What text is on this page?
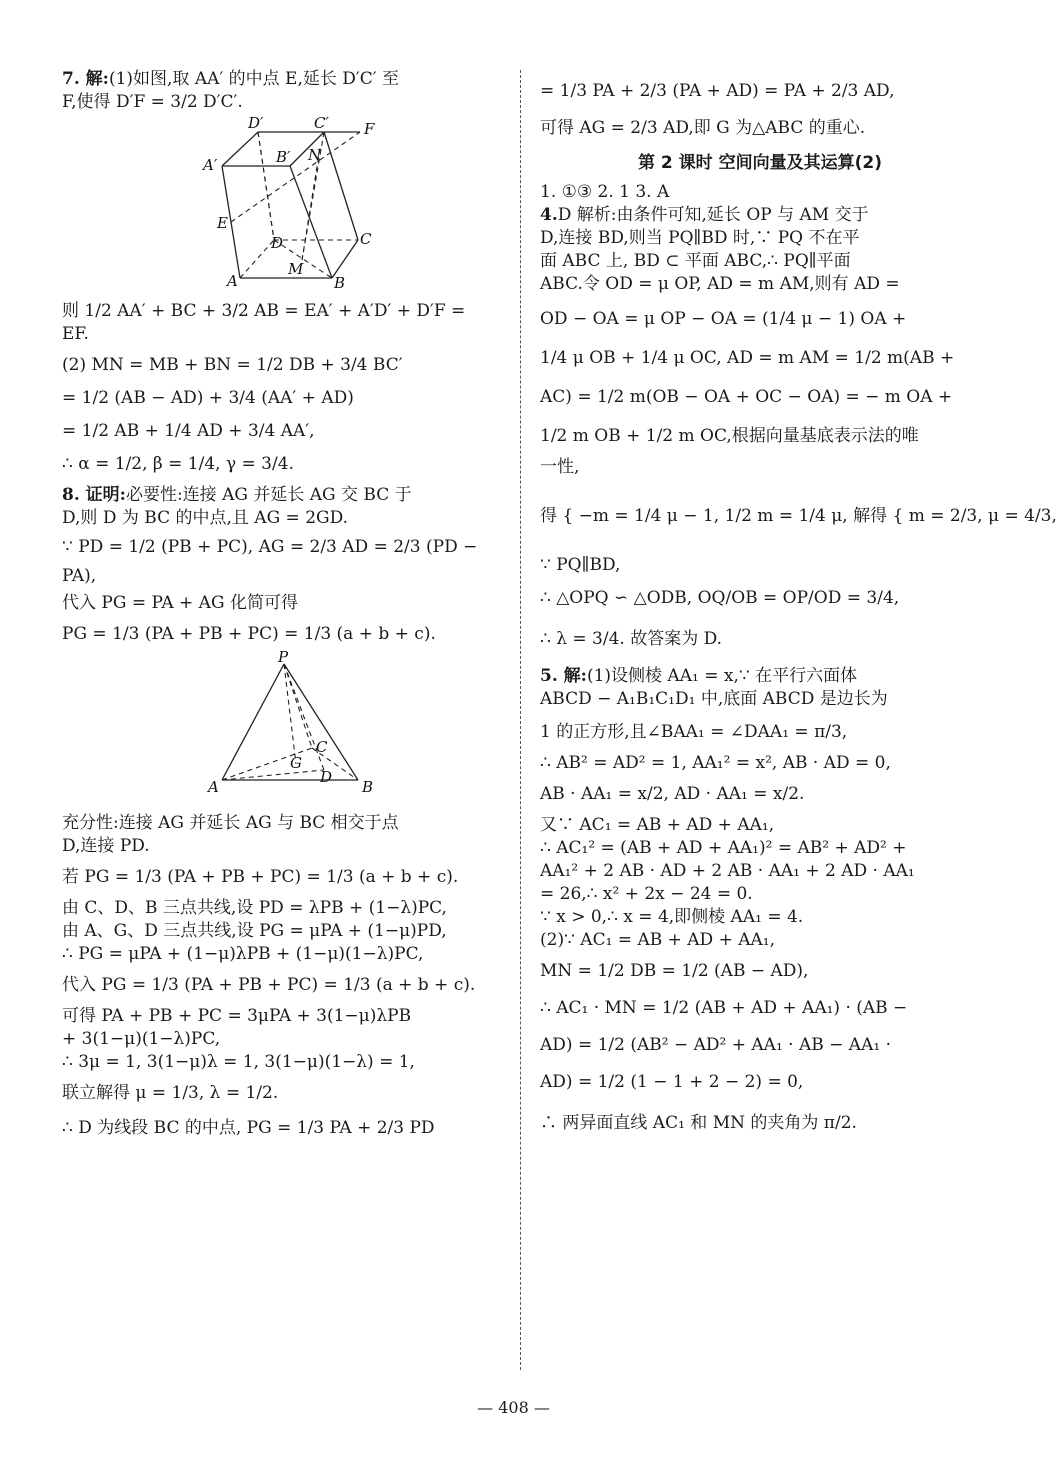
7. 解: (1)如图,取 AA′ 的中点 E,延长 D′C′ 至
F,使得 D′F = 3/2 D′C′.
D′	C′ F
A′	B′ N
E
D	C
M
A	B
则 1/2 AA′ + BC + 3/2 AB = EA′ + A′D′ + D′F =
EF.
(2) MN = MB + BN = 1/2 DB + 3/4 BC′
= 1/2 (AB − AD) + 3/4 (AA′ + AD)
= 1/2 AB + 1/4 AD + 3/4 AA′,
∴ α = 1/2, β = 1/4, γ = 3/4.
8. 证明: 必要性:连接 AG 并延长 AG 交 BC 于
D,则 D 为 BC 的中点,且 AG = 2GD.
∵ PD = 1/2 (PB + PC), AG = 2/3 AD = 2/3 (PD −
PA),
代入 PG = PA + AG 化简可得
PG = 1/3 (PA + PB + PC) = 1/3 (a + b + c).
P
C
G
D
A	B
充分性:连接 AG 并延长 AG 与 BC 相交于点
D,连接 PD.
若 PG = 1/3 (PA + PB + PC) = 1/3 (a + b + c).
由 C、D、B 三点共线,设 PD = λPB + (1−λ)PC,
由 A、G、D 三点共线,设 PG = μPA + (1−μ)PD,
∴ PG = μPA + (1−μ)λPB + (1−μ)(1−λ)PC,
代入 PG = 1/3 (PA + PB + PC) = 1/3 (a + b + c).
可得 PA + PB + PC = 3μPA + 3(1−μ)λPB
+ 3(1−μ)(1−λ)PC,
∴ 3μ = 1, 3(1−μ)λ = 1, 3(1−μ)(1−λ) = 1,
联立解得 μ = 1/3, λ = 1/2.
∴ D 为线段 BC 的中点, PG = 1/3 PA + 2/3 PD
= 1/3 PA + 2/3 (PA + AD) = PA + 2/3 AD,
可得 AG = 2/3 AD,即 G 为△ABC 的重心.
第 2 课时 空间向量及其运算(2)
1. ①③ 2. 1 3. A
4. D 解析:由条件可知,延长 OP 与 AM 交于
D,连接 BD,则当 PQ∥BD 时,∵ PQ 不在平
面 ABC 上, BD ⊂ 平面 ABC,∴ PQ∥平面
ABC.令 OD = μ OP, AD = m AM,则有 AD =
OD − OA = μ OP − OA = (1/4 μ − 1) OA +
1/4 μ OB + 1/4 μ OC, AD = m AM = 1/2 m(AB +
AC) = 1/2 m(OB − OA + OC − OA) = − m OA +
1/2 m OB + 1/2 m OC,根据向量基底表示法的唯
一性,
得 { −m = 1/4 μ − 1, 1/2 m = 1/4 μ, 解得 { m = 2/3, μ = 4/3,
∵ PQ∥BD,
∴ △OPQ ∽ △ODB, OQ/OB = OP/OD = 3/4,
∴ λ = 3/4. 故答案为 D.
5. 解: (1)设侧棱 AA₁ = x,∵ 在平行六面体
ABCD − A₁B₁C₁D₁ 中,底面 ABCD 是边长为
1 的正方形,且∠BAA₁ = ∠DAA₁ = π/3,
∴ AB² = AD² = 1, AA₁² = x², AB · AD = 0,
AB · AA₁ = x/2, AD · AA₁ = x/2.
又∵ AC₁ = AB + AD + AA₁,
∴ AC₁² = (AB + AD + AA₁)² = AB² + AD² +
AA₁² + 2 AB · AD + 2 AB · AA₁ + 2 AD · AA₁
= 26,∴ x² + 2x − 24 = 0.
∵ x > 0,∴ x = 4,即侧棱 AA₁ = 4.
(2)∵ AC₁ = AB + AD + AA₁,
MN = 1/2 DB = 1/2 (AB − AD),
∴ AC₁ · MN = 1/2 (AB + AD + AA₁) · (AB −
AD) = 1/2 (AB² − AD² + AA₁ · AB − AA₁ ·
AD) = 1/2 (1 − 1 + 2 − 2) = 0,
∴ 两异面直线 AC₁ 和 MN 的夹角为 π/2.
— 408 —
